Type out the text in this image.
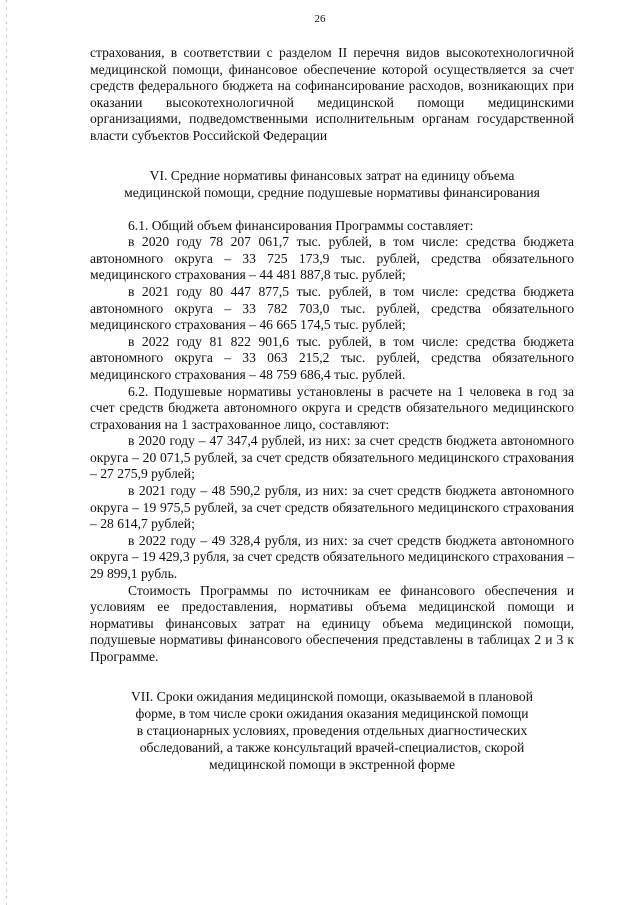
26

страхования, в соответствии с разделом II перечня видов высокотехнологичной медицинской помощи, финансовое обеспечение которой осуществляется за счет средств федерального бюджета на софинансирование расходов, возникающих при оказании высокотехнологичной медицинской помощи медицинскими организациями, подведомственными исполнительным органам государственной власти субъектов Российской Федерации

VI. Средние нормативы финансовых затрат на единицу объема

медицинской помощи, средние подушевые нормативы финансирования

6.1. Общий объем финансирования Программы составляет:

в 2020 году 78 207 061,7 тыс. рублей, в том числе: средства бюджета автономного округа – 33 725 173,9 тыс. рублей, средства обязательного медицинского страхования – 44 481 887,8 тыс. рублей;

в 2021 году 80 447 877,5 тыс. рублей, в том числе: средства бюджета автономного округа – 33 782 703,0 тыс. рублей, средства обязательного медицинского страхования – 46 665 174,5 тыс. рублей;

в 2022 году 81 822 901,6 тыс. рублей, в том числе: средства бюджета автономного округа – 33 063 215,2 тыс. рублей, средства обязательного медицинского страхования – 48 759 686,4 тыс. рублей.

6.2. Подушевые нормативы установлены в расчете на 1 человека в год за счет средств бюджета автономного округа и средств обязательного медицинского страхования на 1 застрахованное лицо, составляют:

в 2020 году – 47 347,4 рублей, из них: за счет средств бюджета автономного округа – 20 071,5 рублей, за счет средств обязательного медицинского страхования – 27 275,9 рублей;

в 2021 году – 48 590,2 рубля, из них: за счет средств бюджета автономного округа – 19 975,5 рублей, за счет средств обязательного медицинского страхования – 28 614,7 рублей;

в 2022 году – 49 328,4 рубля, из них: за счет средств бюджета автономного округа – 19 429,3 рубля, за счет средств обязательного медицинского страхования – 29 899,1 рубль.

Стоимость Программы по источникам ее финансового обеспечения и условиям ее предоставления, нормативы объема медицинской помощи и нормативы финансовых затрат на единицу объема медицинской помощи, подушевые нормативы финансового обеспечения представлены в таблицах 2 и 3 к Программе.

VII. Сроки ожидания медицинской помощи, оказываемой в плановой

форме, в том числе сроки ожидания оказания медицинской помощи

в стационарных условиях, проведения отдельных диагностических

обследований, а также консультаций врачей-специалистов, скорой

медицинской помощи в экстренной форме
